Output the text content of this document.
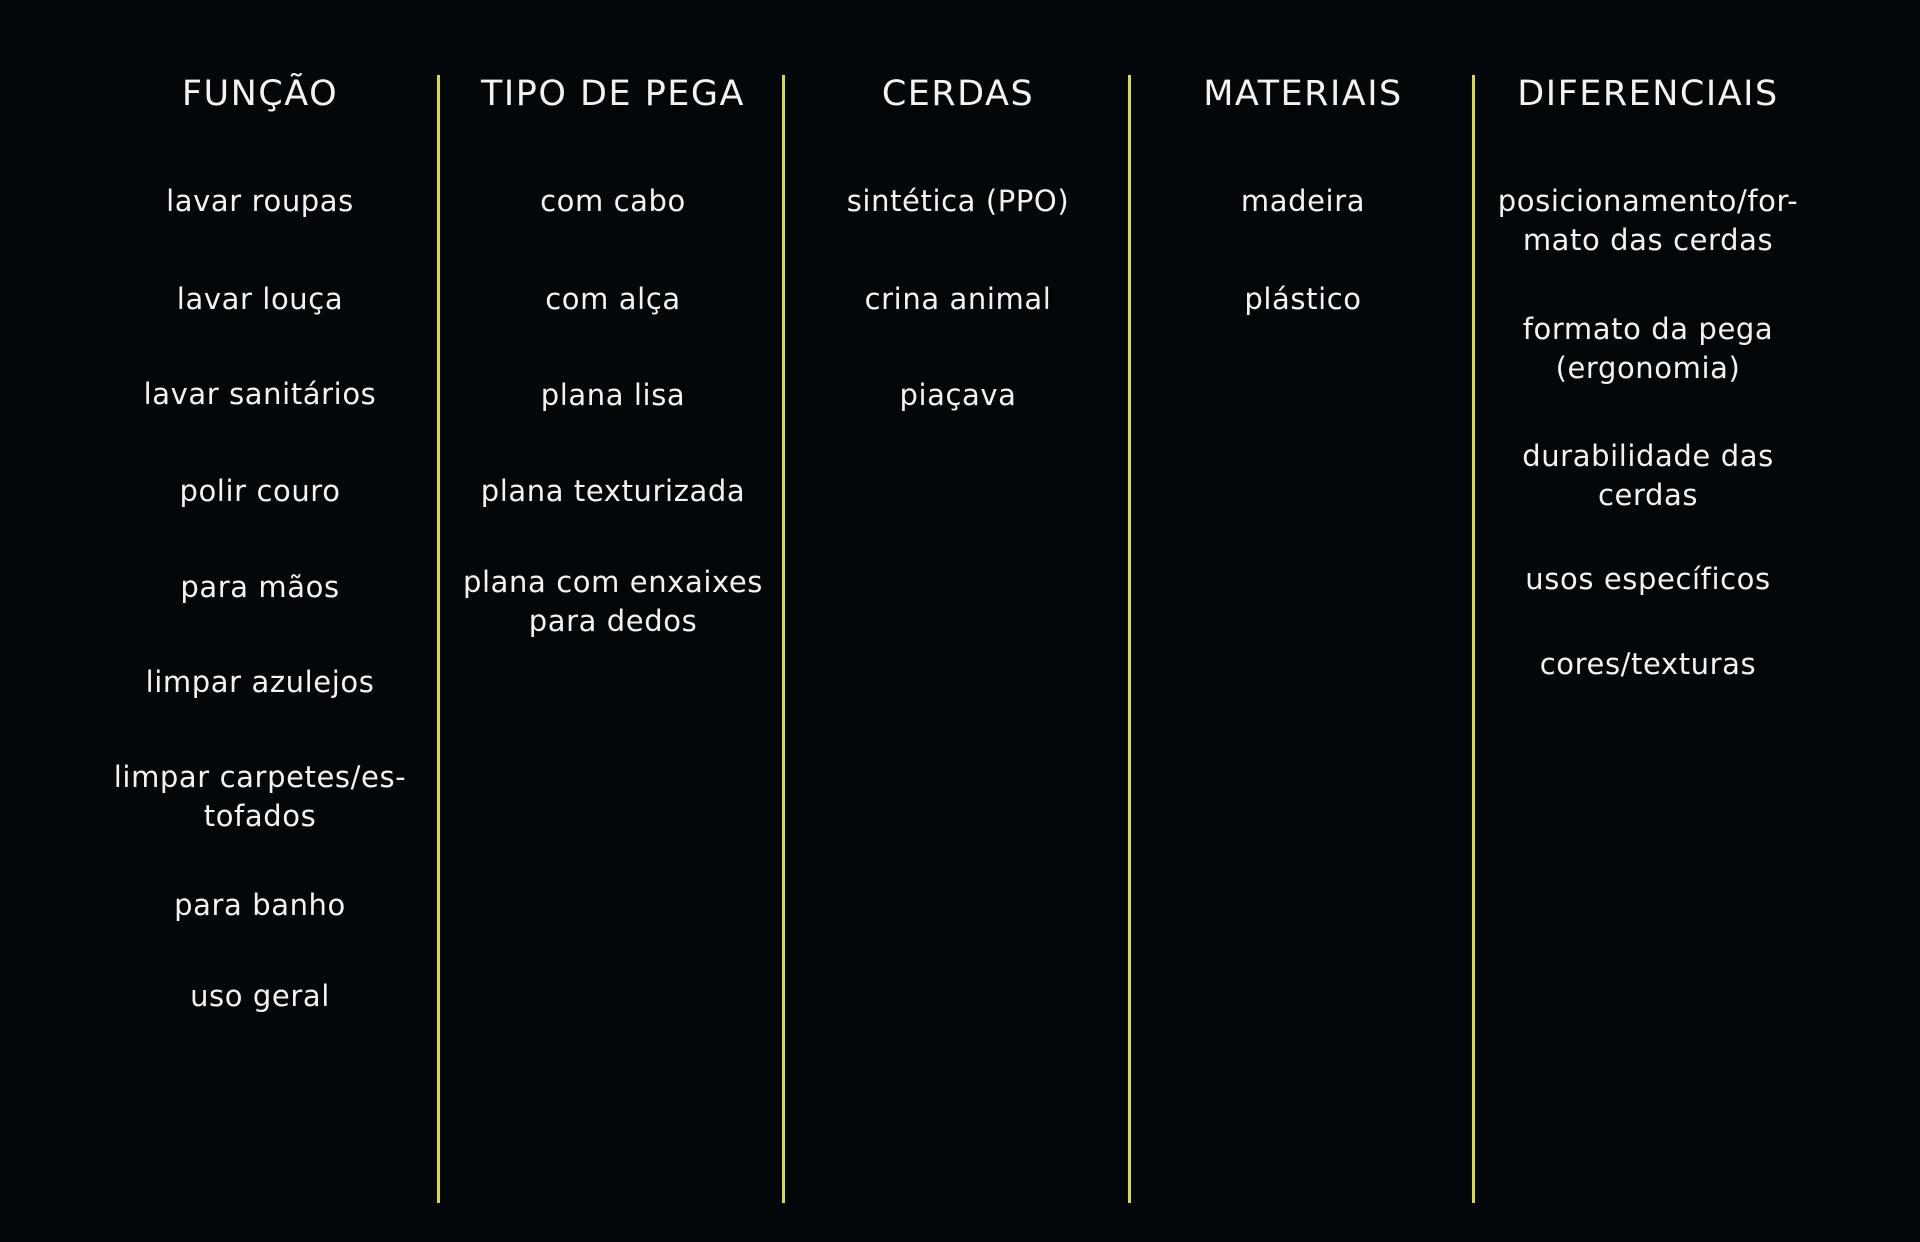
FUNÇÃO
lavar roupas
lavar louça
lavar sanitários
polir couro
para mãos
limpar azulejos
limpar carpetes/es-
tofados
para banho
uso geral
TIPO DE PEGA
com cabo
com alça
plana lisa
plana texturizada
plana com enxaixes
para dedos
CERDAS
sintética (PPO)
crina animal
piaçava
MATERIAIS
madeira
plástico
DIFERENCIAIS
posicionamento/for-
mato das cerdas
formato da pega
(ergonomia)
durabilidade das
cerdas
usos específicos
cores/texturas
